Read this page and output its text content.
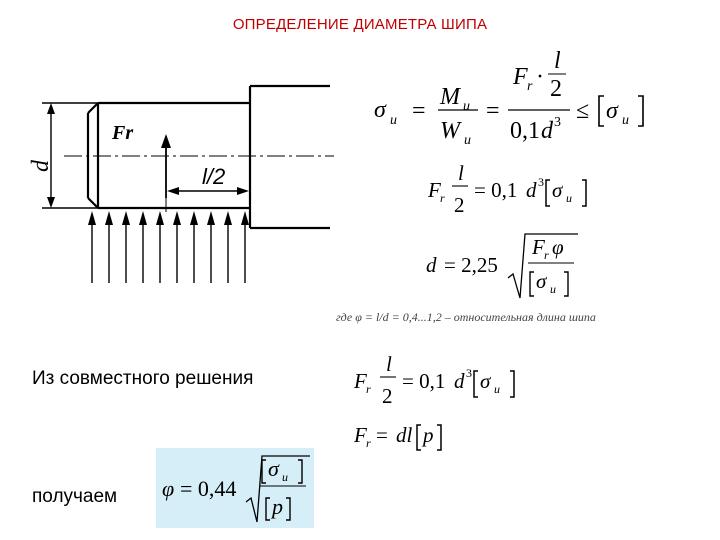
ОПРЕДЕЛЕНИЕ ДИАМЕТРА ШИПА
d
Fr
l/2
σ и =
M и
W и
=
F r ·
l
2
0,1 d 3 ≤ σ и
F r
l
2
= 0,1 d 3 σ и
d = 2,25
F r φ
σ и
где φ = l/d = 0,4...1,2 – относительная длина шипа
Из совместного решения	F r
l
2
= 0,1 d 3 σ и
F r = dl p
получаем φ = 0,44
σ и
p
